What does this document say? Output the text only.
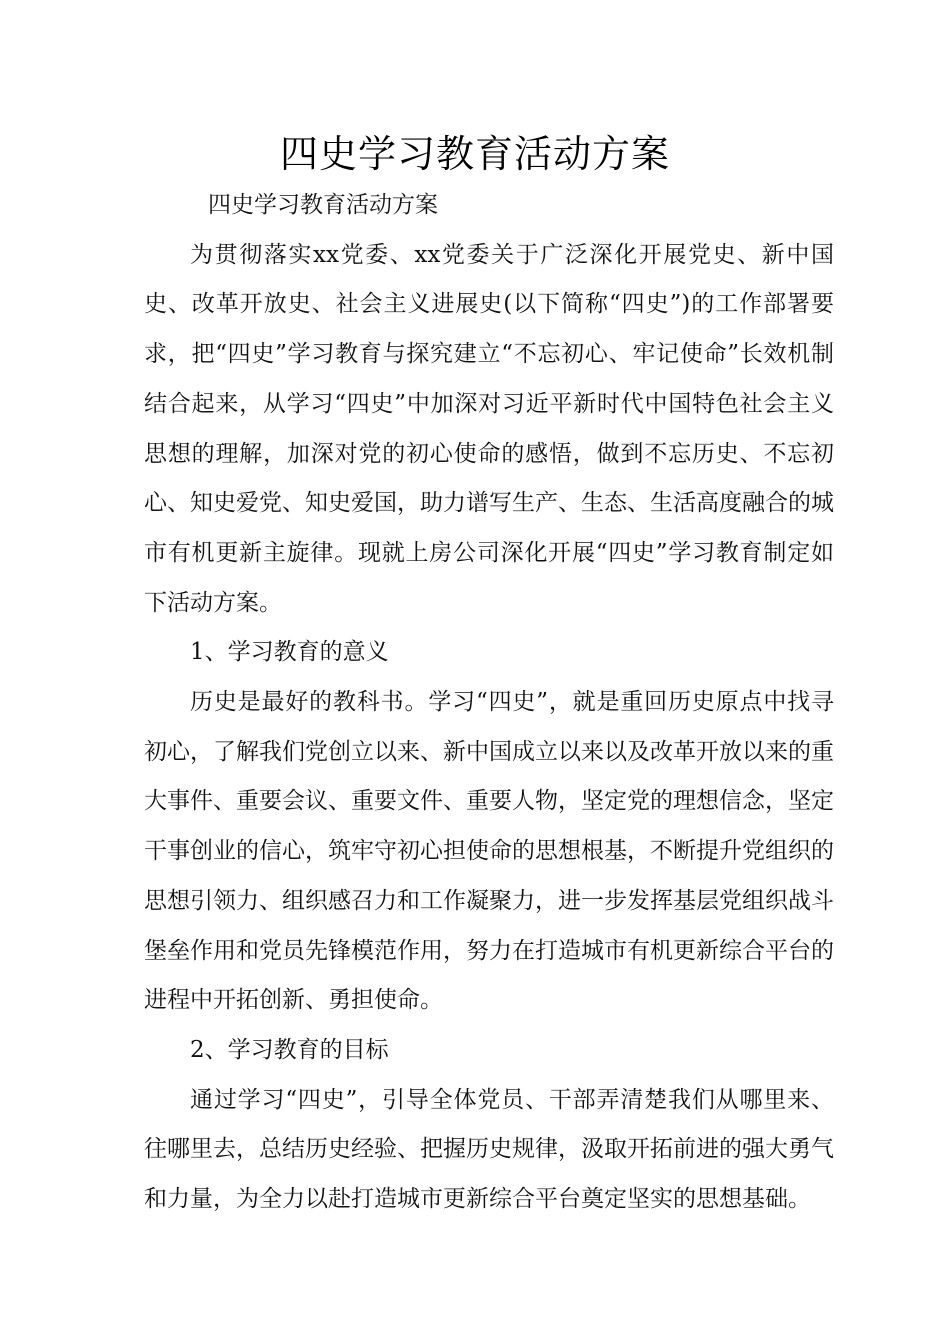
四史学习教育活动方案

四史学习教育活动方案

为贯彻落实xx党委、xx党委关于广泛深化开展党史、新中国史、改革开放史、社会主义进展史(以下简称“四史”)的工作部署要求，把“四史”学习教育与探究建立“不忘初心、牢记使命”长效机制结合起来，从学习“四史”中加深对习近平新时代中国特色社会主义思想的理解，加深对党的初心使命的感悟，做到不忘历史、不忘初心、知史爱党、知史爱国，助力谱写生产、生态、生活高度融合的城市有机更新主旋律。现就上房公司深化开展“四史”学习教育制定如下活动方案。

1、学习教育的意义

历史是最好的教科书。学习“四史”，就是重回历史原点中找寻初心，了解我们党创立以来、新中国成立以来以及改革开放以来的重大事件、重要会议、重要文件、重要人物，坚定党的理想信念，坚定干事创业的信心，筑牢守初心担使命的思想根基，不断提升党组织的思想引领力、组织感召力和工作凝聚力，进一步发挥基层党组织战斗堡垒作用和党员先锋模范作用，努力在打造城市有机更新综合平台的进程中开拓创新、勇担使命。

2、学习教育的目标

通过学习“四史”，引导全体党员、干部弄清楚我们从哪里来、往哪里去，总结历史经验、把握历史规律，汲取开拓前进的强大勇气和力量，为全力以赴打造城市更新综合平台奠定坚实的思想基础。
